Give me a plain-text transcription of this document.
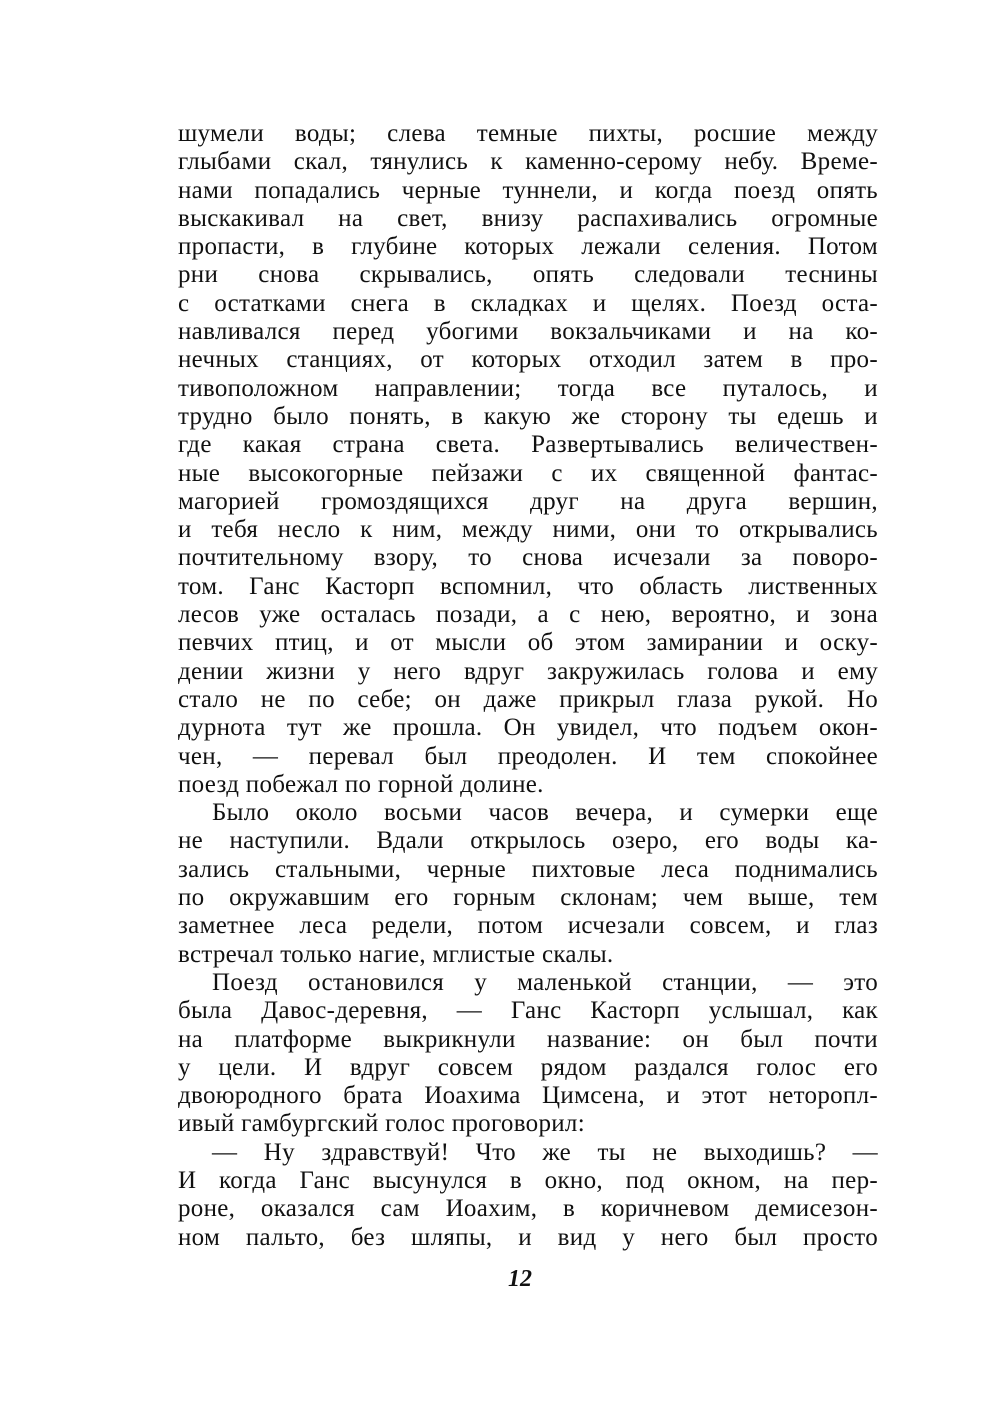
шумели воды; слева темные пихты, росшие между
глыбами скал, тянулись к каменно-серому небу. Време-
нами попадались черные туннели, и когда поезд опять
выскакивал на свет, внизу распахивались огромные
пропасти, в глубине которых лежали селения. Потом
рни снова скрывались, опять следовали теснины
с остатками снега в складках и щелях. Поезд оста-
навливался перед убогими вокзальчиками и на ко-
нечных станциях, от которых отходил затем в про-
тивоположном направлении; тогда все путалось, и
трудно было понять, в какую же сторону ты едешь и
где какая страна света. Развертывались величествен-
ные высокогорные пейзажи с их священной фантас-
магорией громоздящихся друг на друга вершин,
и тебя несло к ним, между ними, они то открывались
почтительному взору, то снова исчезали за поворо-
том. Ганс Касторп вспомнил, что область лиственных
лесов уже осталась позади, а с нею, вероятно, и зона
певчих птиц, и от мысли об этом замирании и оску-
дении жизни у него вдруг закружилась голова и ему
стало не по себе; он даже прикрыл глаза рукой. Но
дурнота тут же прошла. Он увидел, что подъем окон-
чен, — перевал был преодолен. И тем спокойнее
поезд побежал по горной долине.
Было около восьми часов вечера, и сумерки еще
не наступили. Вдали открылось озеро, его воды ка-
зались стальными, черные пихтовые леса поднимались
по окружавшим его горным склонам; чем выше, тем
заметнее леса редели, потом исчезали совсем, и глаз
встречал только нагие, мглистые скалы.
Поезд остановился у маленькой станции, — это
была Давос-деревня, — Ганс Касторп услышал, как
на платформе выкрикнули название: он был почти
у цели. И вдруг совсем рядом раздался голос его
двоюродного брата Иоахима Цимсена, и этот неторопл-
ивый гамбургский голос проговорил:
— Ну здравствуй! Что же ты не выходишь? —
И когда Ганс высунулся в окно, под окном, на пер-
роне, оказался сам Иоахим, в коричневом демисезон-
ном пальто, без шляпы, и вид у него был просто
12
